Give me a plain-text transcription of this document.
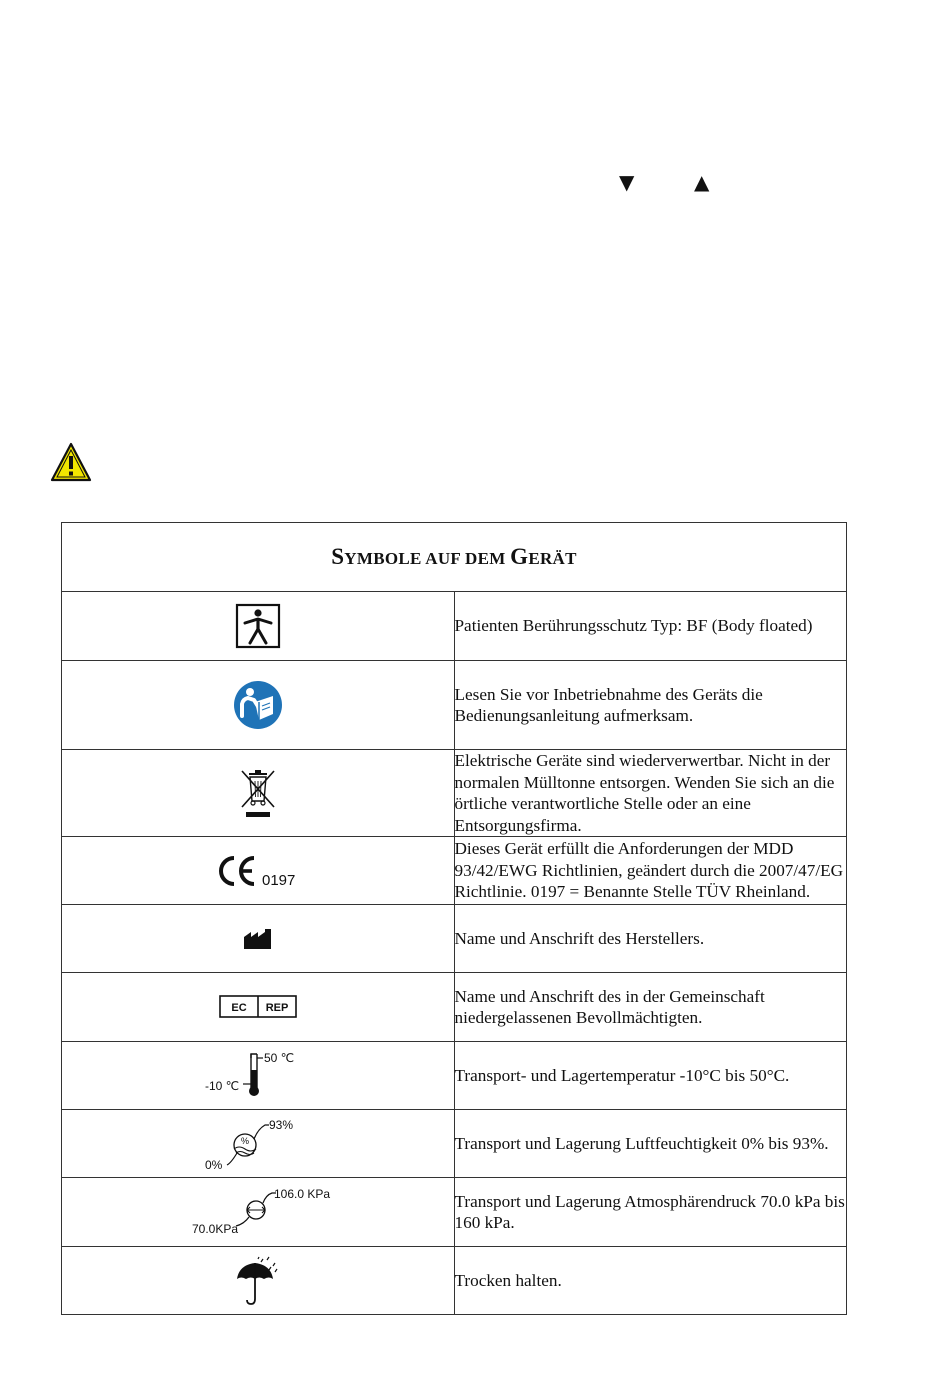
▼	▲
SYMBOLE AUF DEM GERÄT	

	Patienten Berührungsschutz Typ: BF (Body floated)

	Lesen Sie vor Inbetriebnahme des Geräts die Bedienungsanleitung aufmerksam.

	Elektrische Geräte sind wiederverwertbar. Nicht in der normalen Mülltonne entsorgen. Wenden Sie sich an die örtliche verantwortliche Stelle oder an eine Entsorgungsfirma.

0197	Dieses Gerät erfüllt die Anforderungen der MDD 93/42/EWG Richtlinien, geändert durch die 2007/47/EG Richtlinie. 0197 = Benannte Stelle TÜV Rheinland.

	Name und Anschrift des Herstellers.

EC REP	Name und Anschrift des in der Gemeinschaft niedergelassenen Bevollmächtigten.

50 ℃
-10 ℃	Transport- und Lagertemperatur -10°C bis 50°C.

%
93%
0%	Transport und Lagerung Luftfeuchtigkeit 0% bis 93%.

106.0 KPa
70.0KPa	Transport und Lagerung Atmosphärendruck 70.0 kPa bis 160 kPa.

	Trocken halten.
